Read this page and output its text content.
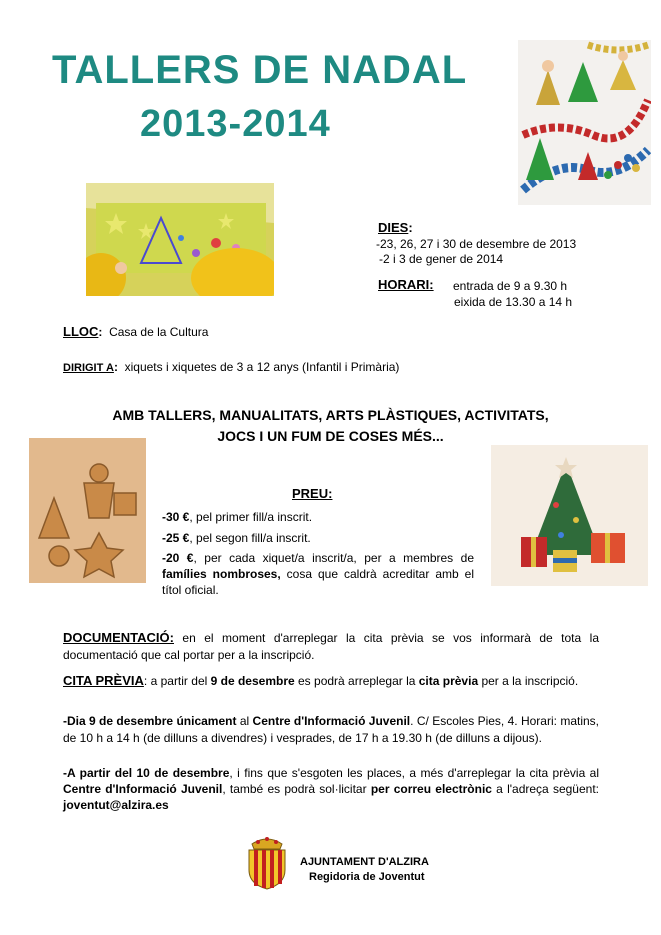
TALLERS DE NADAL
2013-2014
DIES:
-23, 26, 27 i 30 de desembre de 2013
-2 i 3 de gener de 2014
HORARI: entrada de 9 a 9.30 h
eixida de 13.30 a 14 h
LLOC: Casa de la Cultura
DIRIGIT A: xiquets i xiquetes de 3 a 12 anys (Infantil i Primària)
AMB TALLERS, MANUALITATS, ARTS PLÀSTIQUES, ACTIVITATS,
JOCS I UN FUM DE COSES MÉS...
PREU:
-30 €, pel primer fill/a inscrit.
-25 €, pel segon fill/a inscrit.
-20 €, per cada xiquet/a inscrit/a, per a membres de famílies nombroses, cosa que caldrà acreditar amb el títol oficial.
DOCUMENTACIÓ: en el moment d'arreplegar la cita prèvia se vos informarà de tota la documentació que cal portar per a la inscripció.
CITA PRÈVIA: a partir del 9 de desembre es podrà arreplegar la cita prèvia per a la inscripció.
-Dia 9 de desembre únicament al Centre d'Informació Juvenil. C/ Escoles Pies, 4. Horari: matins, de 10 h a 14 h (de dilluns a divendres) i vesprades, de 17 h a 19.30 h (de dilluns a dijous).
-A partir del 10 de desembre, i fins que s'esgoten les places, a més d'arreplegar la cita prèvia al Centre d'Informació Juvenil, també es podrà sol·licitar per correu electrònic a l'adreça següent: joventut@alzira.es
AJUNTAMENT D'ALZIRA
Regidoria de Joventut
